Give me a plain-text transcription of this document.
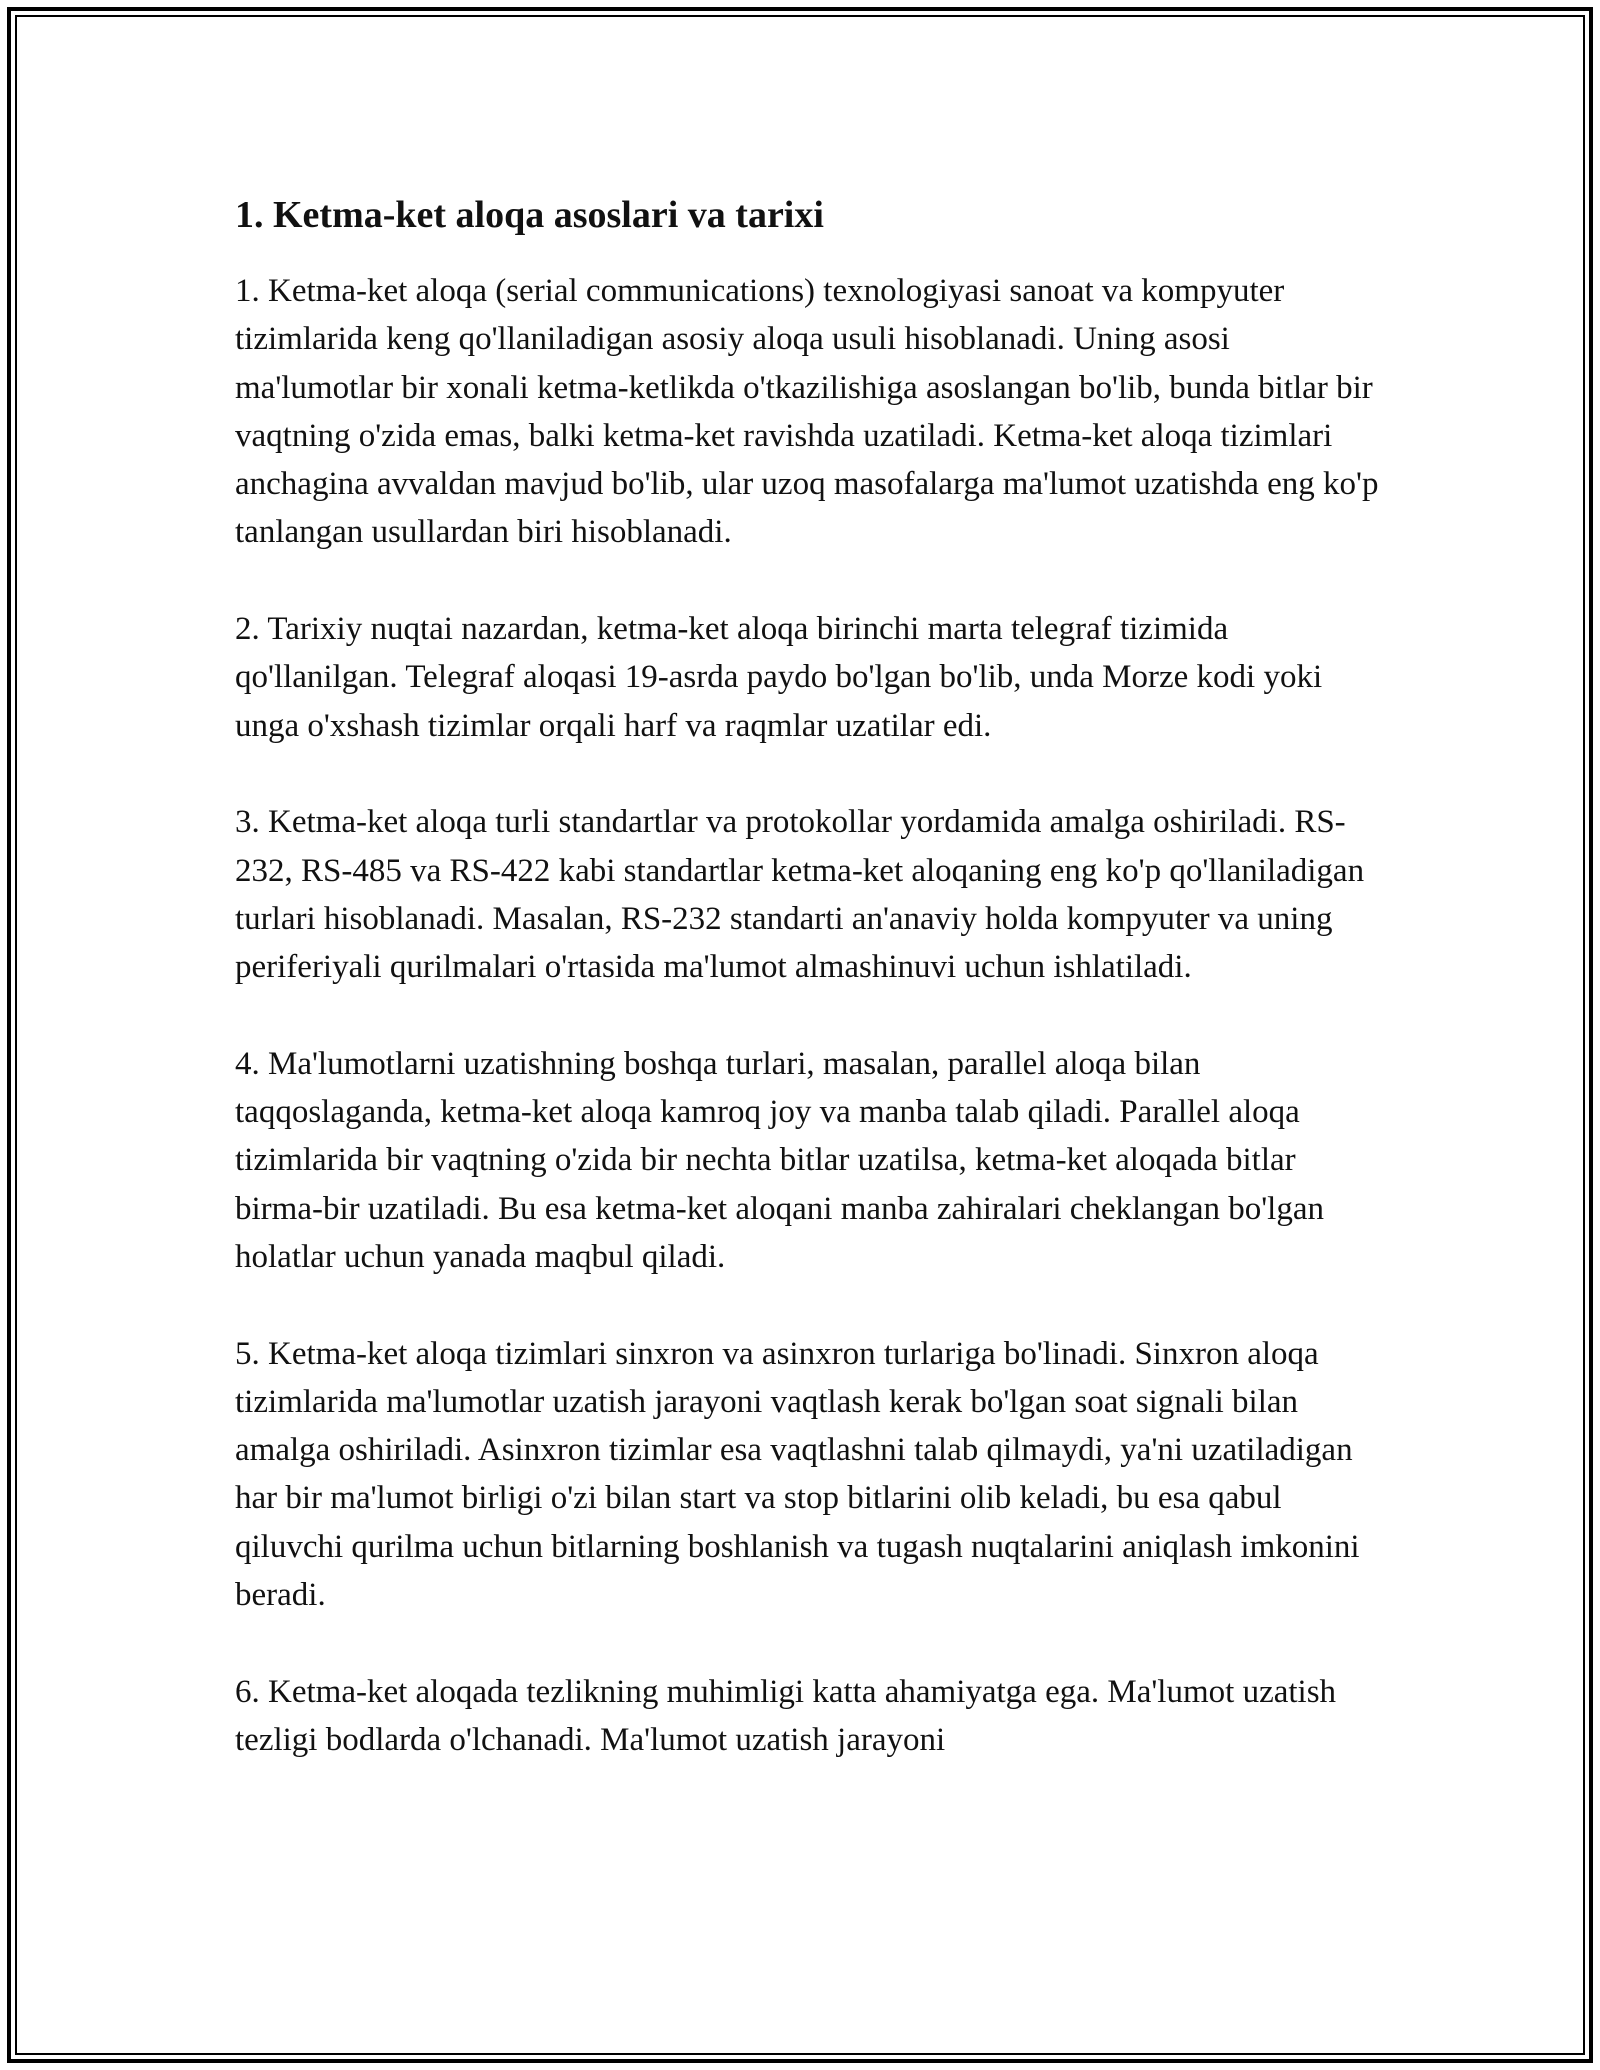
1. Ketma-ket aloqa asoslari va tarixi

1. Ketma-ket aloqa (serial communications) texnologiyasi sanoat va kompyuter tizimlarida keng qo'llaniladigan asosiy aloqa usuli hisoblanadi. Uning asosi ma'lumotlar bir xonali ketma-ketlikda o'tkazilishiga asoslangan bo'lib, bunda bitlar bir vaqtning o'zida emas, balki ketma-ket ravishda uzatiladi. Ketma-ket aloqa tizimlari anchagina avvaldan mavjud bo'lib, ular uzoq masofalarga ma'lumot uzatishda eng ko'p tanlangan usullardan biri hisoblanadi.

2. Tarixiy nuqtai nazardan, ketma-ket aloqa birinchi marta telegraf tizimida qo'llanilgan. Telegraf aloqasi 19-asrda paydo bo'lgan bo'lib, unda Morze kodi yoki unga o'xshash tizimlar orqali harf va raqmlar uzatilar edi.

3. Ketma-ket aloqa turli standartlar va protokollar yordamida amalga oshiriladi. RS-232, RS-485 va RS-422 kabi standartlar ketma-ket aloqaning eng ko'p qo'llaniladigan turlari hisoblanadi. Masalan, RS-232 standarti an'anaviy holda kompyuter va uning periferiyali qurilmalari o'rtasida ma'lumot almashinuvi uchun ishlatiladi.

4. Ma'lumotlarni uzatishning boshqa turlari, masalan, parallel aloqa bilan taqqoslaganda, ketma-ket aloqa kamroq joy va manba talab qiladi. Parallel aloqa tizimlarida bir vaqtning o'zida bir nechta bitlar uzatilsa, ketma-ket aloqada bitlar birma-bir uzatiladi. Bu esa ketma-ket aloqani manba zahiralari cheklangan bo'lgan holatlar uchun yanada maqbul qiladi.

5. Ketma-ket aloqa tizimlari sinxron va asinxron turlariga bo'linadi. Sinxron aloqa tizimlarida ma'lumotlar uzatish jarayoni vaqtlash kerak bo'lgan soat signali bilan amalga oshiriladi. Asinxron tizimlar esa vaqtlashni talab qilmaydi, ya'ni uzatiladigan har bir ma'lumot birligi o'zi bilan start va stop bitlarini olib keladi, bu esa qabul qiluvchi qurilma uchun bitlarning boshlanish va tugash nuqtalarini aniqlash imkonini beradi.

6. Ketma-ket aloqada tezlikning muhimligi katta ahamiyatga ega. Ma'lumot uzatish tezligi bodlarda o'lchanadi. Ma'lumot uzatish jarayoni
